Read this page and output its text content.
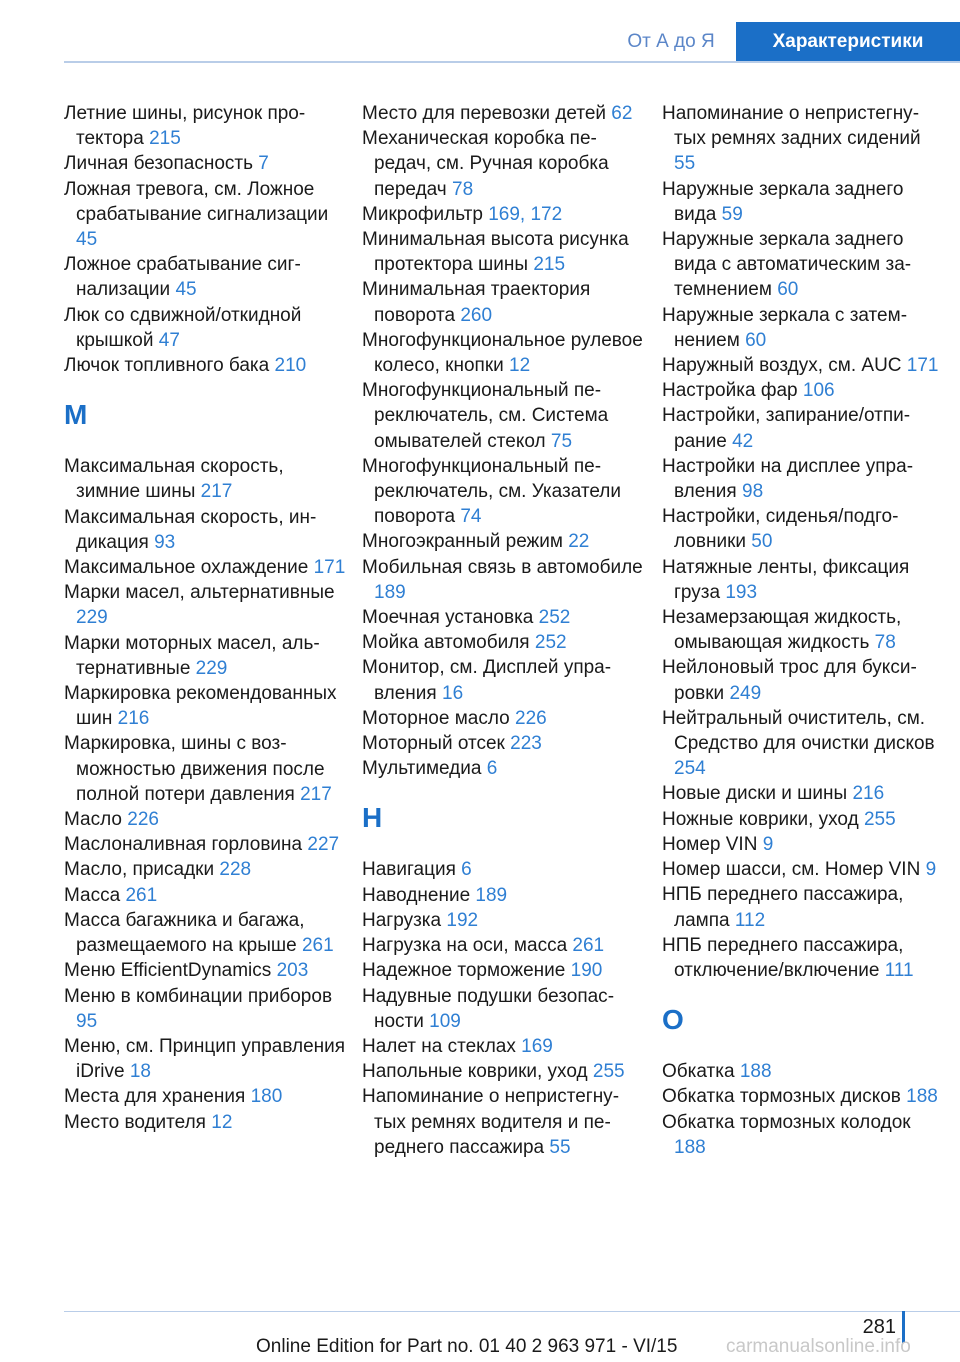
От А до Я	Характеристики
Летние шины, рисунок протектора 215
Личная безопасность 7
Ложная тревога, см. Ложное срабатывание сигнализации 45
Ложное срабатывание сигнализации 45
Люк со сдвижной/откидной крышкой 47
Лючок топливного бака 210
М
Максимальная скорость, зимние шины 217
Максимальная скорость, индикация 93
Максимальное охлаждение 171
Марки масел, альтернативные 229
Марки моторных масел, альтернативные 229
Маркировка рекомендованных шин 216
Маркировка, шины с возможностью движения после полной потери давления 217
Масло 226
Маслоналивная горловина 227
Масло, присадки 228
Масса 261
Масса багажника и багажа, размещаемого на крыше 261
Меню EfficientDynamics 203
Меню в комбинации приборов 95
Меню, см. Принцип управления iDrive 18
Места для хранения 180
Место водителя 12
Место для перевозки детей 62
Механическая коробка передач, см. Ручная коробка передач 78
Микрофильтр 169, 172
Минимальная высота рисунка протектора шины 215
Минимальная траектория поворота 260
Многофункциональное рулевое колесо, кнопки 12
Многофункциональный переключатель, см. Система омывателей стекол 75
Многофункциональный переключатель, см. Указатели поворота 74
Многоэкранный режим 22
Мобильная связь в автомобиле 189
Моечная установка 252
Мойка автомобиля 252
Монитор, см. Дисплей управления 16
Моторное масло 226
Моторный отсек 223
Мультимедиа 6
Н
Навигация 6
Наводнение 189
Нагрузка 192
Нагрузка на оси, масса 261
Надежное торможение 190
Надувные подушки безопасности 109
Налет на стеклах 169
Напольные коврики, уход 255
Напоминание о непристегнутых ремнях водителя и переднего пассажира 55
Напоминание о непристегнутых ремнях задних сидений 55
Наружные зеркала заднего вида 59
Наружные зеркала заднего вида с автоматическим затемнением 60
Наружные зеркала с затемнением 60
Наружный воздух, см. AUC 171
Настройка фар 106
Настройки, запирание/отпирание 42
Настройки на дисплее управления 98
Настройки, сиденья/подголовники 50
Натяжные ленты, фиксация груза 193
Незамерзающая жидкость, омывающая жидкость 78
Нейлоновый трос для буксировки 249
Нейтральный очиститель, см. Средство для очистки дисков 254
Новые диски и шины 216
Ножные коврики, уход 255
Номер VIN 9
Номер шасси, см. Номер VIN 9
НПБ переднего пассажира, лампа 112
НПБ переднего пассажира, отключение/включение 111
О
Обкатка 188
Обкатка тормозных дисков 188
Обкатка тормозных колодок 188
281
Online Edition for Part no. 01 40 2 963 971 - VI/15	carmanualsonline.info
